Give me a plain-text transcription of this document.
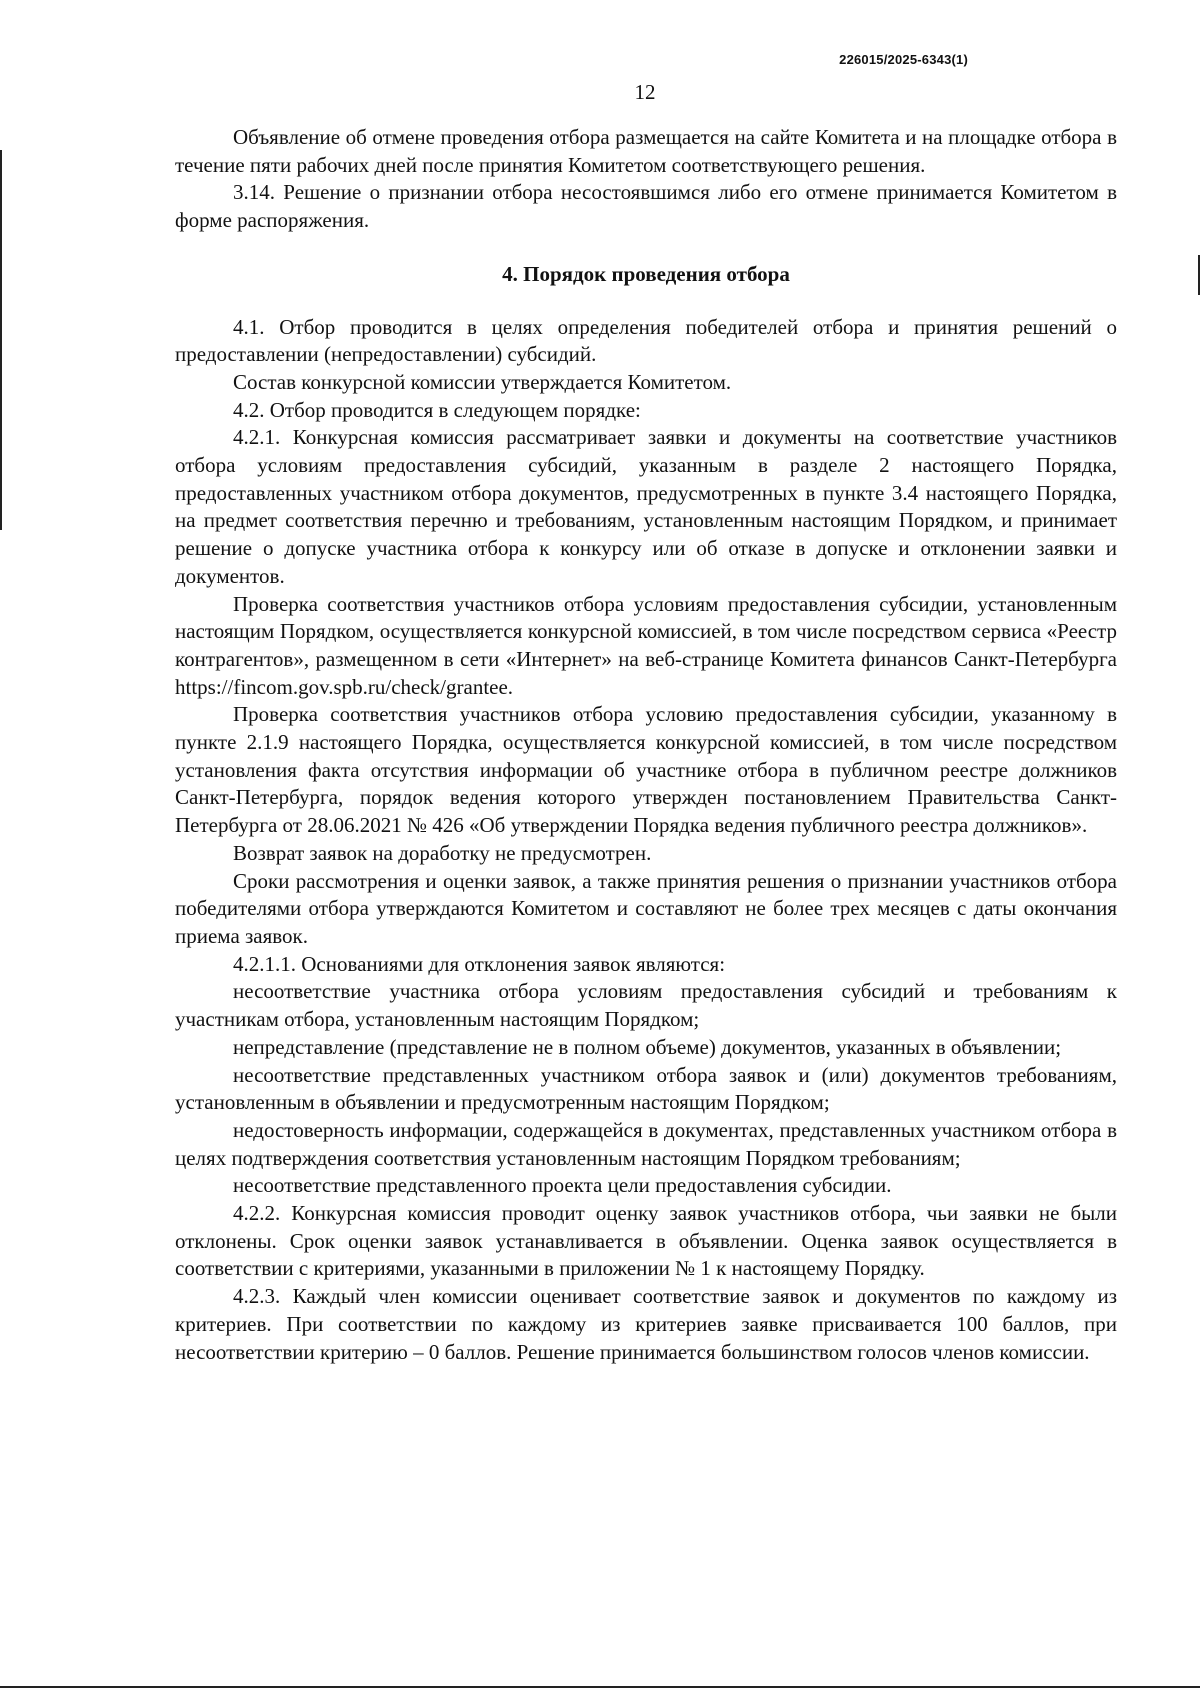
226015/2025-6343(1)
12

Объявление об отмене проведения отбора размещается на сайте Комитета и на площадке отбора в течение пяти рабочих дней после принятия Комитетом соответствующего решения.

3.14. Решение о признании отбора несостоявшимся либо его отмене принимается Комитетом в форме распоряжения.

4. Порядок проведения отбора

4.1. Отбор проводится в целях определения победителей отбора и принятия решений о предоставлении (непредоставлении) субсидий.

Состав конкурсной комиссии утверждается Комитетом.

4.2. Отбор проводится в следующем порядке:

4.2.1. Конкурсная комиссия рассматривает заявки и документы на соответствие участников отбора условиям предоставления субсидий, указанным в разделе 2 настоящего Порядка, предоставленных участником отбора документов, предусмотренных в пункте 3.4 настоящего Порядка, на предмет соответствия перечню и требованиям, установленным настоящим Порядком, и принимает решение о допуске участника отбора к конкурсу или об отказе в допуске и отклонении заявки и документов.

Проверка соответствия участников отбора условиям предоставления субсидии, установленным настоящим Порядком, осуществляется конкурсной комиссией, в том числе посредством сервиса «Реестр контрагентов», размещенном в сети «Интернет» на веб-странице Комитета финансов Санкт-Петербурга https://fincom.gov.spb.ru/check/grantee.

Проверка соответствия участников отбора условию предоставления субсидии, указанному в пункте 2.1.9 настоящего Порядка, осуществляется конкурсной комиссией, в том числе посредством установления факта отсутствия информации об участнике отбора в публичном реестре должников Санкт-Петербурга, порядок ведения которого утвержден постановлением Правительства Санкт-Петербурга от 28.06.2021 № 426 «Об утверждении Порядка ведения публичного реестра должников».

Возврат заявок на доработку не предусмотрен.

Сроки рассмотрения и оценки заявок, а также принятия решения о признании участников отбора победителями отбора утверждаются Комитетом и составляют не более трех месяцев с даты окончания приема заявок.

4.2.1.1. Основаниями для отклонения заявок являются:

несоответствие участника отбора условиям предоставления субсидий и требованиям к участникам отбора, установленным настоящим Порядком;

непредставление (представление не в полном объеме) документов, указанных в объявлении;

несоответствие представленных участником отбора заявок и (или) документов требованиям, установленным в объявлении и предусмотренным настоящим Порядком;

недостоверность информации, содержащейся в документах, представленных участником отбора в целях подтверждения соответствия установленным настоящим Порядком требованиям;

несоответствие представленного проекта цели предоставления субсидии.

4.2.2. Конкурсная комиссия проводит оценку заявок участников отбора, чьи заявки не были отклонены. Срок оценки заявок устанавливается в объявлении. Оценка заявок осуществляется в соответствии с критериями, указанными в приложении № 1 к настоящему Порядку.

4.2.3. Каждый член комиссии оценивает соответствие заявок и документов по каждому из критериев. При соответствии по каждому из критериев заявке присваивается 100 баллов, при несоответствии критерию – 0 баллов. Решение принимается большинством голосов членов комиссии.
